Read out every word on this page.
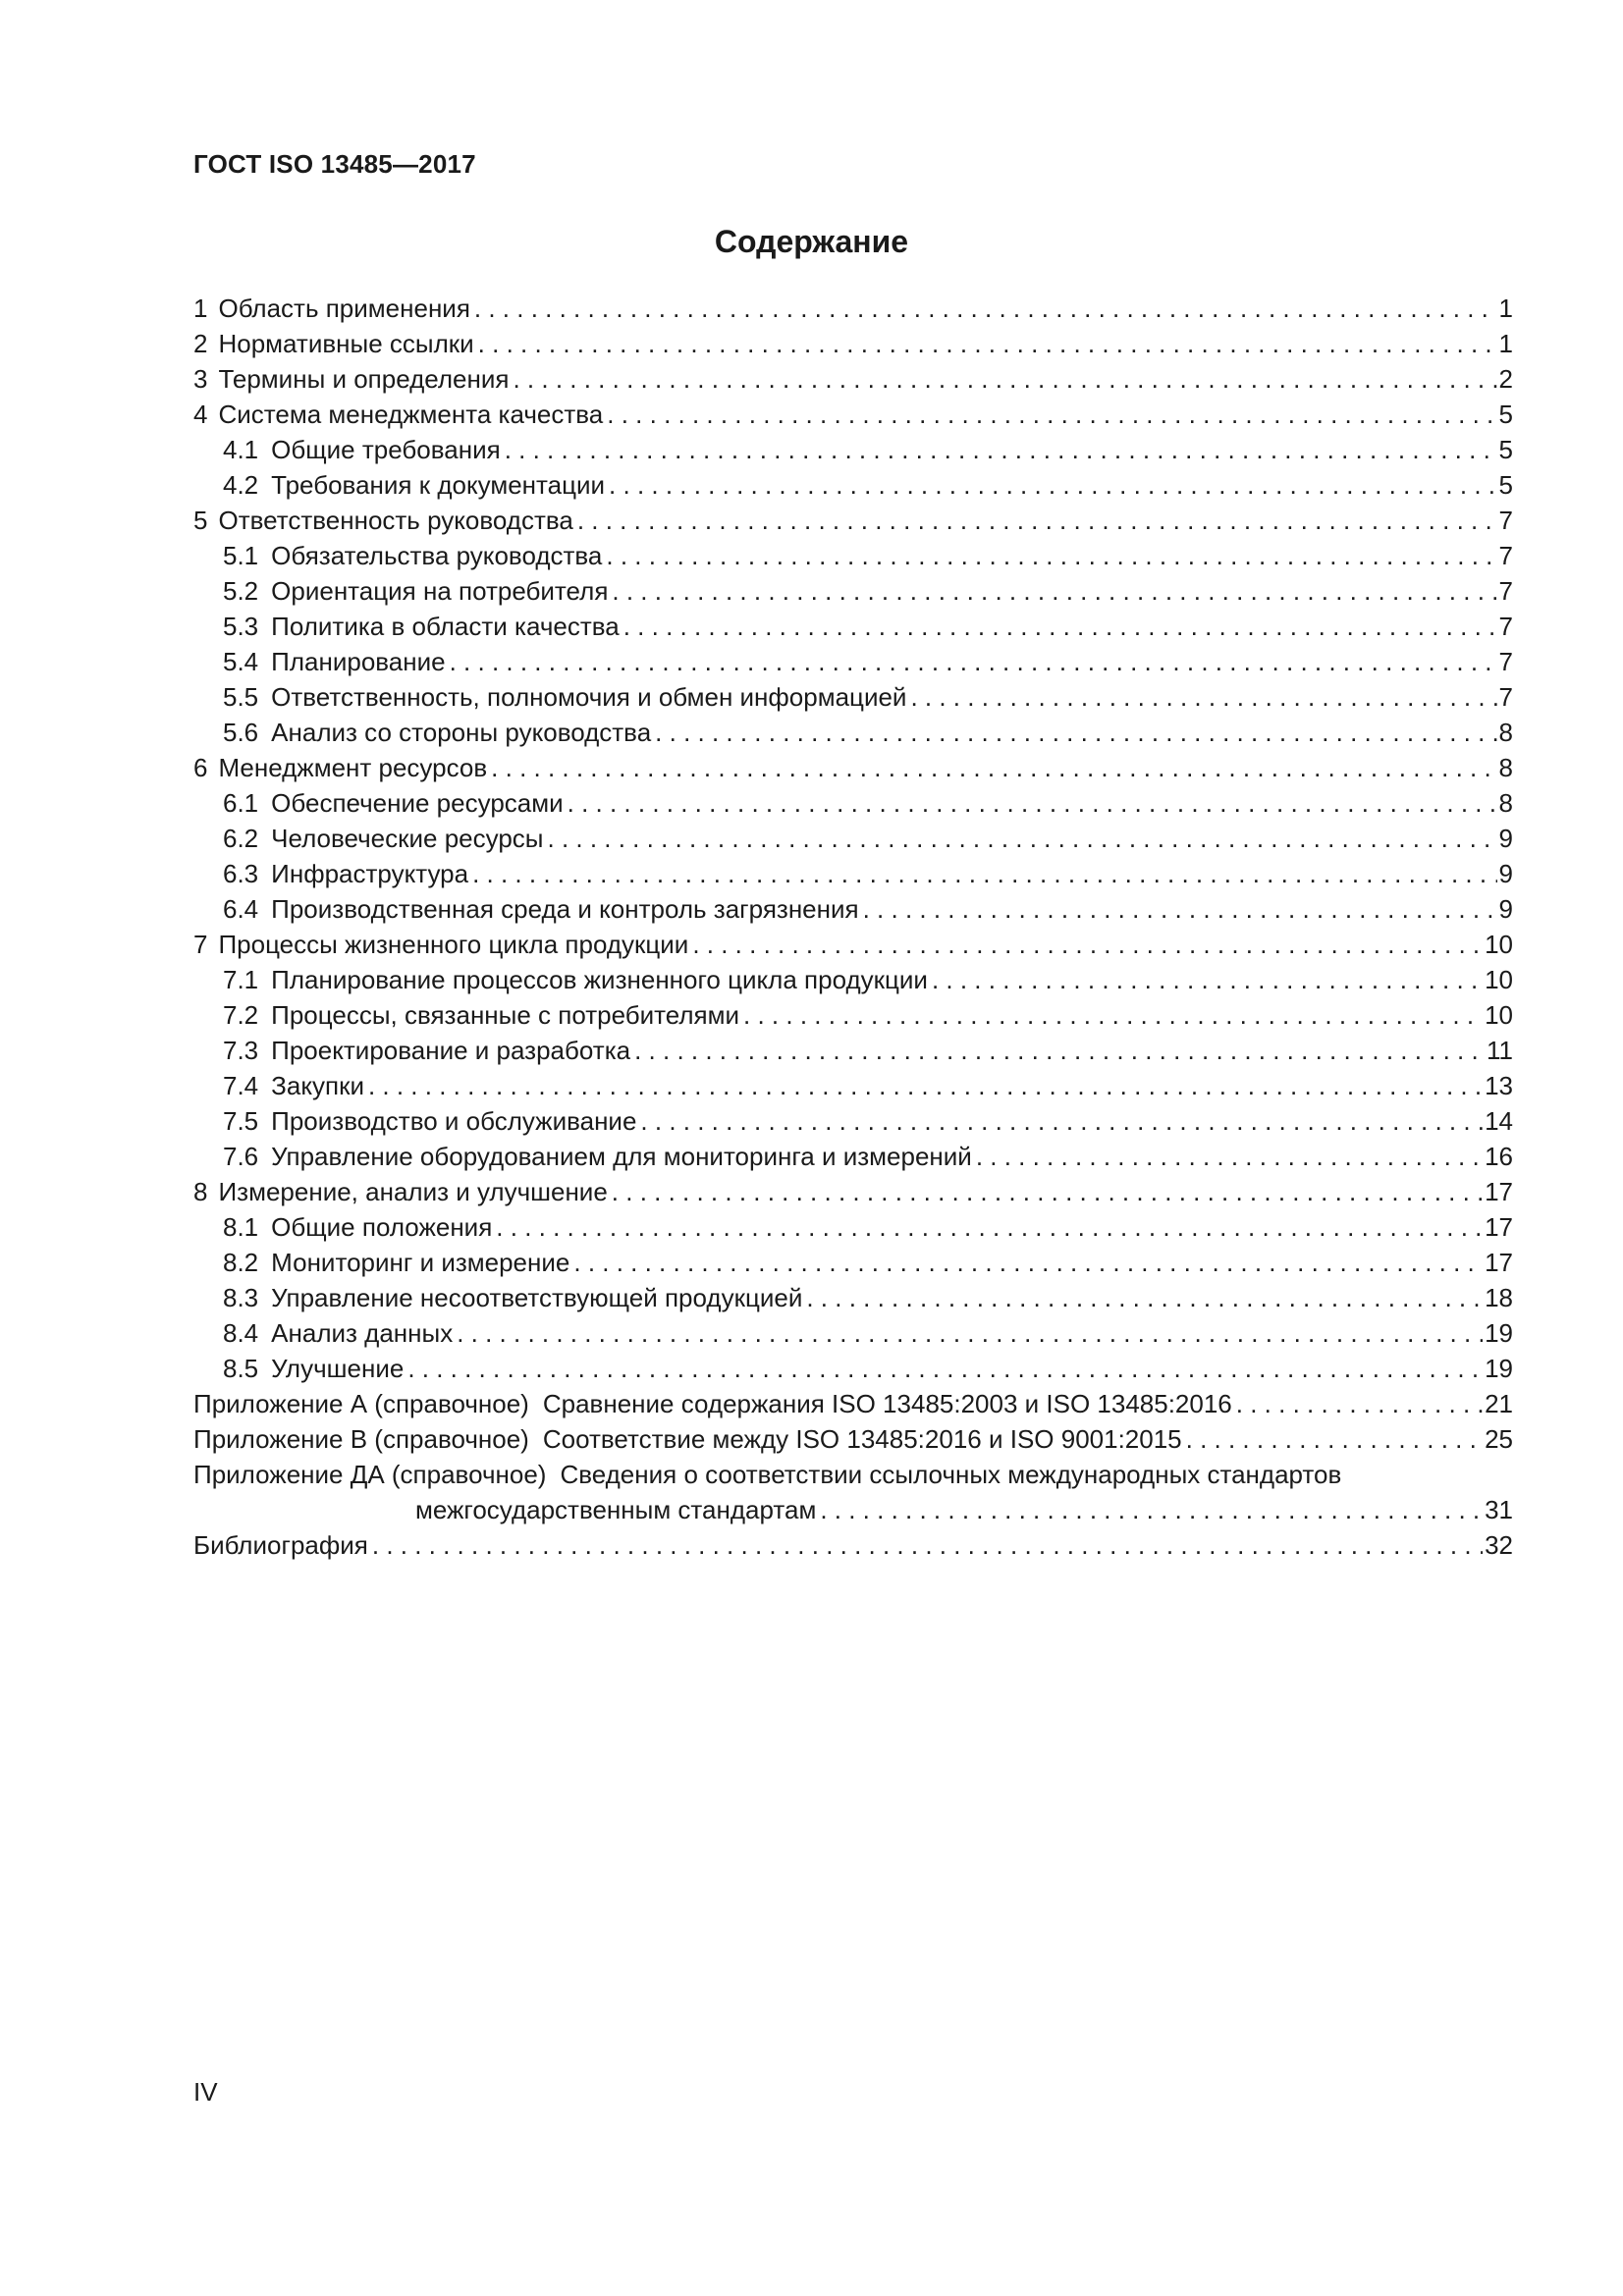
ГОСТ ISO 13485—2017
Содержание
1 Область применения . . .	1
2 Нормативные ссылки . . .	1
3 Термины и определения . . .	2
4 Система менеджмента качества . . .	5
4.1 Общие требования . . .	5
4.2 Требования к документации . . .	5
5 Ответственность руководства . . .	7
5.1 Обязательства руководства . . .	7
5.2 Ориентация на потребителя . . .	7
5.3 Политика в области качества . . .	7
5.4 Планирование . . .	7
5.5 Ответственность, полномочия и обмен информацией . . .	7
5.6 Анализ со стороны руководства . . .	8
6 Менеджмент ресурсов . . .	8
6.1 Обеспечение ресурсами . . .	8
6.2 Человеческие ресурсы . . .	9
6.3 Инфраструктура . . .	9
6.4 Производственная среда и контроль загрязнения . . .	9
7 Процессы жизненного цикла продукции . . .	10
7.1 Планирование процессов жизненного цикла продукции . . .	10
7.2 Процессы, связанные с потребителями . . .	10
7.3 Проектирование и разработка . . .	11
7.4 Закупки . . .	13
7.5 Производство и обслуживание . . .	14
7.6 Управление оборудованием для мониторинга и измерений . . .	16
8 Измерение, анализ и улучшение . . .	17
8.1 Общие положения . . .	17
8.2 Мониторинг и измерение . . .	17
8.3 Управление несоответствующей продукцией . . .	18
8.4 Анализ данных . . .	19
8.5 Улучшение . . .	19
Приложение А (справочное) Сравнение содержания ISO 13485:2003 и ISO 13485:2016 . . .	21
Приложение В (справочное) Соответствие между ISO 13485:2016 и ISO 9001:2015 . . .	25
Приложение ДА (справочное) Сведения о соответствии ссылочных международных стандартов
межгосударственным стандартам . . .	31
Библиография . . .	32
IV
